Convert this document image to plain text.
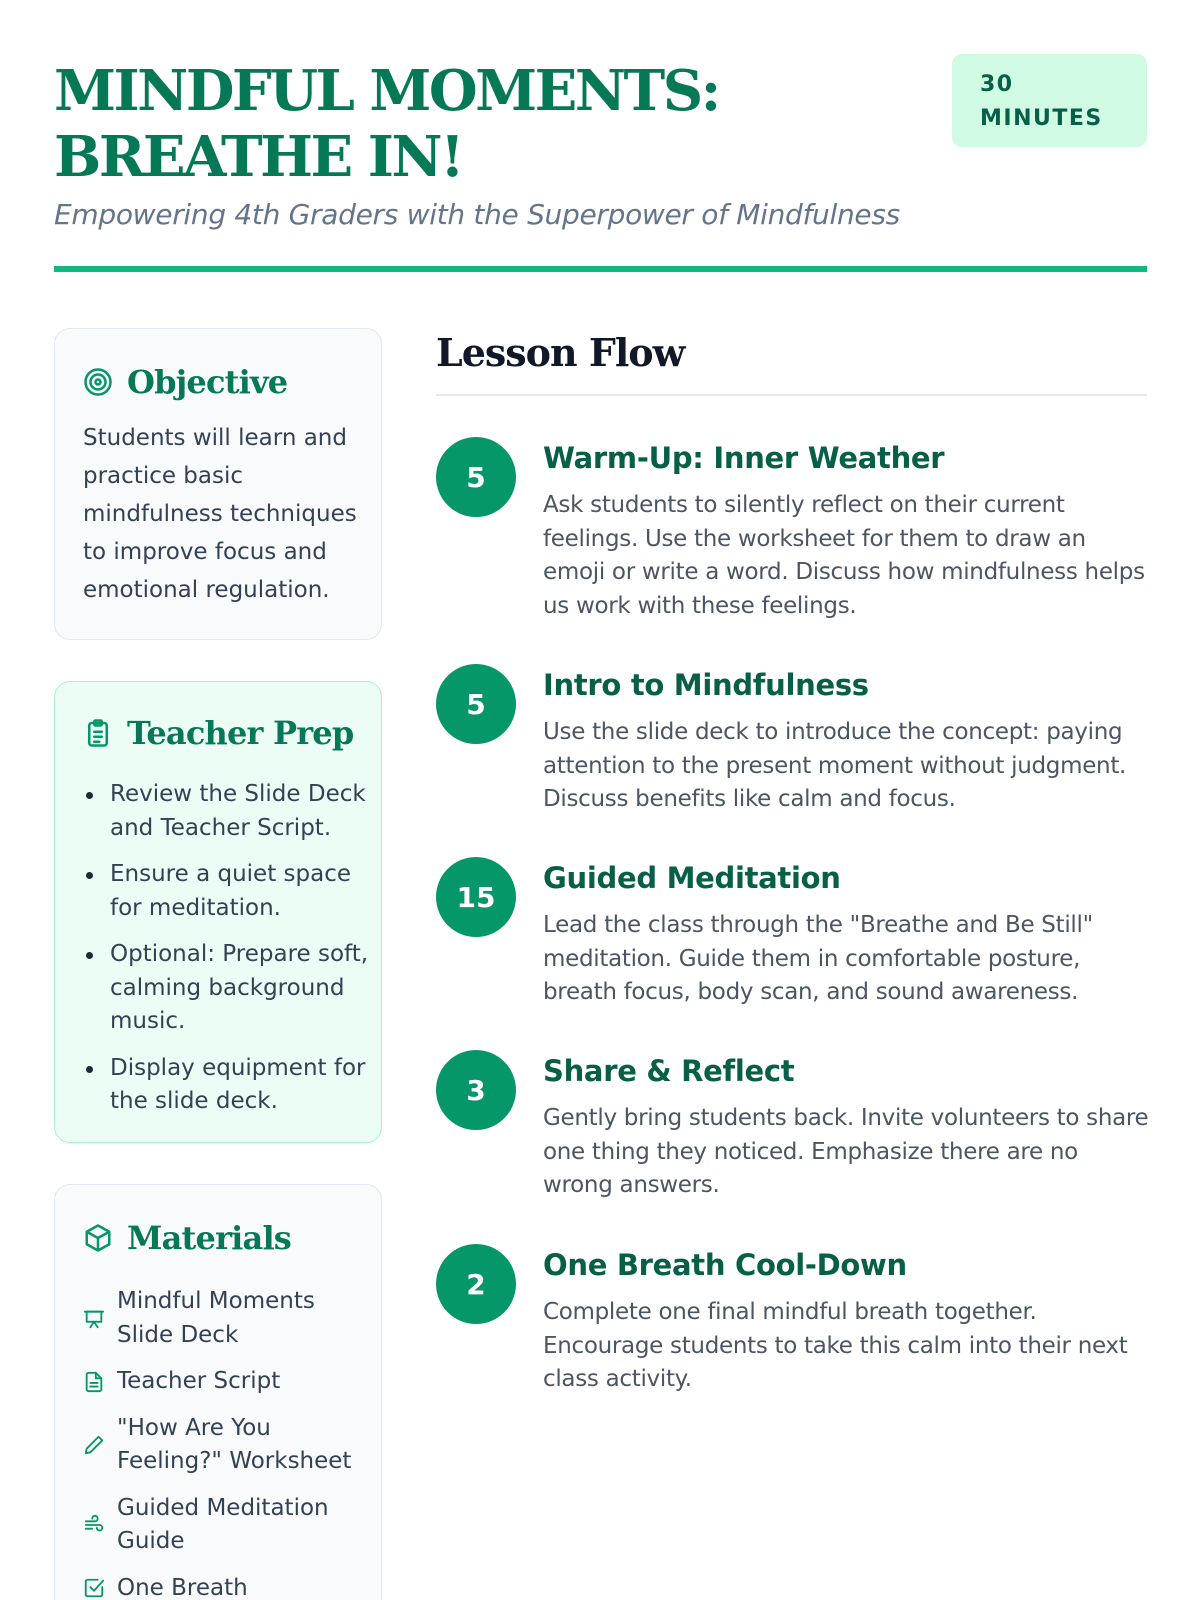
MINDFUL MOMENTS: BREATHE IN!
Empowering 4th Graders with the Superpower of Mindfulness
30 MINUTES
Objective

Students will learn and practice basic mindfulness techniques to improve focus and emotional regulation.

Teacher Prep
Review the Slide Deck and Teacher Script.
Ensure a quiet space for meditation.
Optional: Prepare soft, calming background music.
Display equipment for the slide deck.
Materials
Mindful Moments Slide Deck
Teacher Script
"How Are You Feeling?" Worksheet
Guided Meditation Guide
One Breath
Lesson Flow
5
Warm-Up: Inner Weather

Ask students to silently reflect on their current feelings. Use the worksheet for them to draw an emoji or write a word. Discuss how mindfulness helps us work with these feelings.

5
Intro to Mindfulness

Use the slide deck to introduce the concept: paying attention to the present moment without judgment. Discuss benefits like calm and focus.

15
Guided Meditation

Lead the class through the "Breathe and Be Still" meditation. Guide them in comfortable posture, breath focus, body scan, and sound awareness.

3
Share & Reflect

Gently bring students back. Invite volunteers to share one thing they noticed. Emphasize there are no wrong answers.

2
One Breath Cool-Down

Complete one final mindful breath together. Encourage students to take this calm into their next class activity.
